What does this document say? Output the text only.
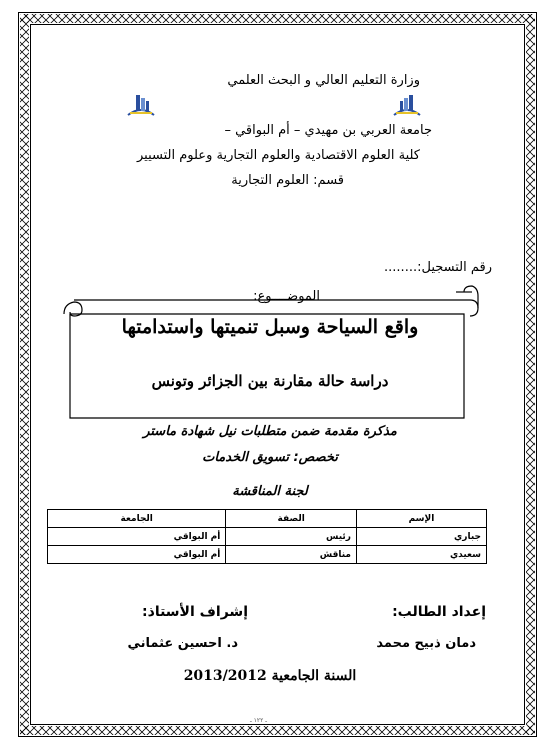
وزارة التعليم العالي و البحث العلمي
جامعة العربي بن مهيدي – أم البواقي –
كلية العلوم الاقتصادية والعلوم التجارية وعلوم التسيير
قسم: العلوم التجارية
رقم التسجيل:........
الموضــــوع:
واقع السياحة وسبل تنميتها واستدامتها
دراسة حالة مقارنة بين الجزائر وتونس
مذكرة مقدمة ضمن متطلبات نيل شهادة ماستر
تخصص: تسويق الخدمات
لجنة المناقشة
الإسم	الصفة	الجامعة
جباري	رئيس	أم البواقي
سعيدي	مناقش	أم البواقي
إعداد الطالب:
دمان ذبيح محمد
إشراف الأستاذ:
د. احسين عثماني
السنة الجامعية 2013/2012
ـ ١٢٢ ـ
